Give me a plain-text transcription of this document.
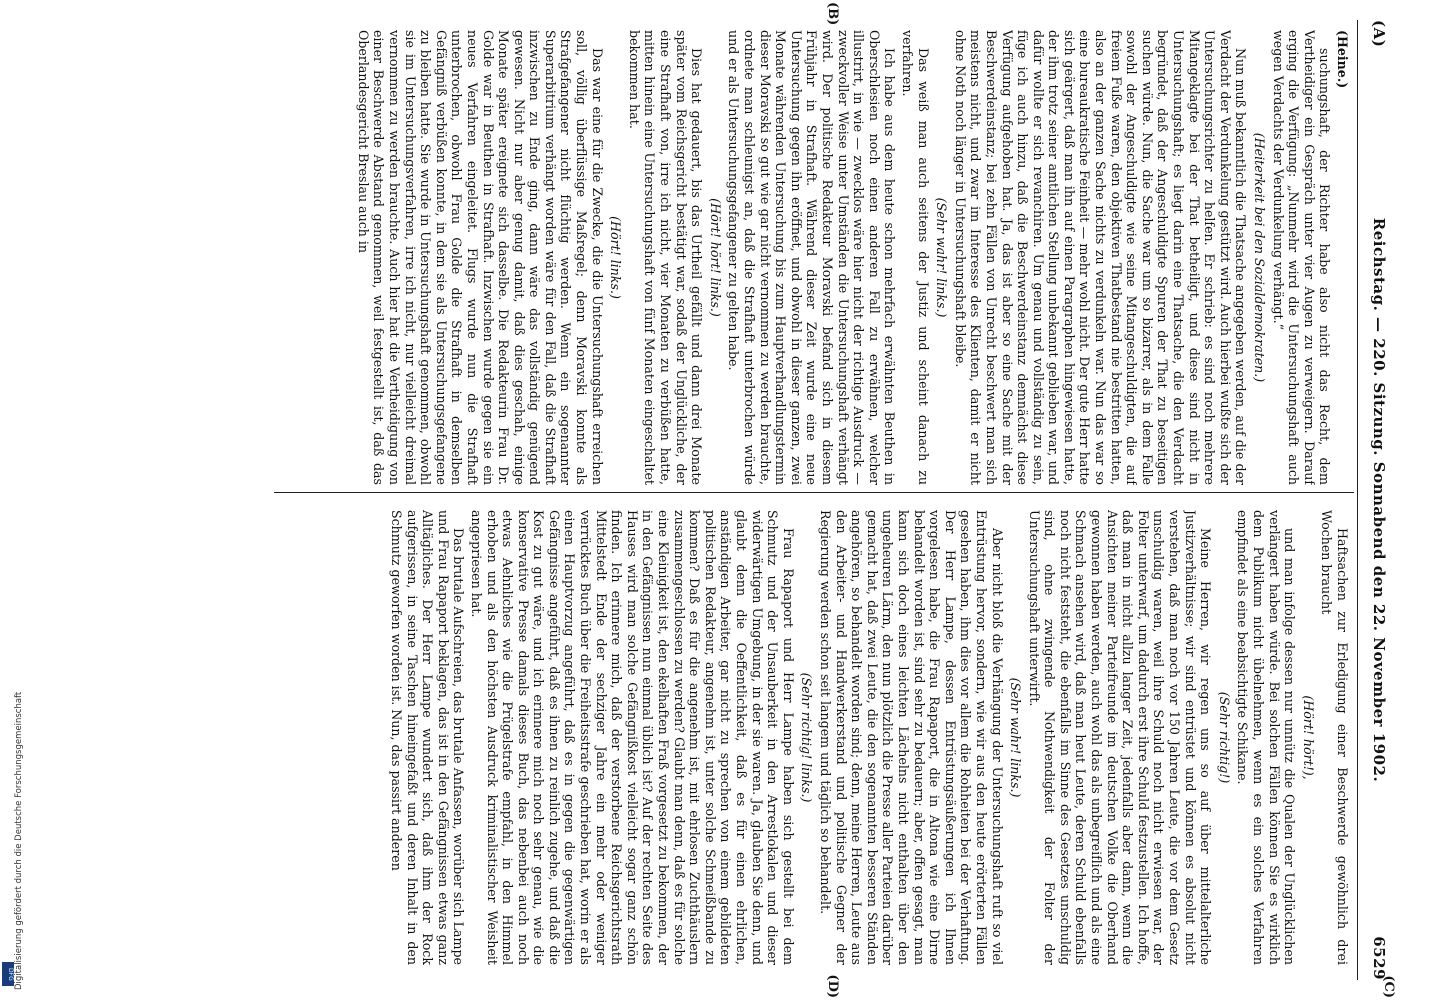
(A)
Reichstag. — 220. Sitzung. Sonnabend den 22. November 1902.
6529

(Heine.)

suchungshaft, der Richter habe also nicht das Recht, dem Vertheidiger ein Gespräch unter vier Augen zu verweigern. Darauf erging die Verfügung: „Nunmehr wird die Untersuchungshaft auch wegen Verdachts der Verdunkelung verhängt.“

(Heiterkeit bei den Sozialdemokraten.)

Nun muß bekanntlich die Thatsache angegeben werden, auf die der Verdacht der Verdunkelung gestützt wird. Auch hierbei wußte sich der Untersuchungsrichter zu helfen. Er schrieb: es sind noch mehrere Mitangeklagte bei der That betheiligt, und diese sind nicht in Untersuchungshaft; es liegt darin eine Thatsache, die den Verdacht begründet, daß der Angeschuldigte Spuren der That zu beseitigen suchen würde. Nun, die Sache war um so bizarrer, als in dem Falle sowohl der Angeschuldigte wie seine Mitangeschuldigten, die auf freiem Fuße waren, den objektiven Thatbestand nie bestritten hatten, also an der ganzen Sache nichts zu verdunkeln war. Nun das war so eine bureaukratische Feinheit — mehr wohl nicht. Der gute Herr hatte sich geärgert, daß man ihn auf einen Paragraphen hingewiesen hatte, der ihm trotz seiner amtlichen Stellung unbekannt geblieben war, und dafür wollte er sich revanchiren. Um genau und vollständig zu sein, füge ich auch hinzu, daß die Beschwerdeinstanz demnächst diese Verfügung aufgehoben hat. Ja, das ist aber so eine Sache mit der Beschwerdeinstanz; bei zehn Fällen von Unrecht beschwert man sich meistens nicht, und zwar im Interesse des Klienten, damit er nicht ohne Noth noch länger in Untersuchungshaft bleibe.

(Sehr wahr! links.)

Das weiß man auch seitens der Justiz und scheint danach zu verfahren.

Ich habe aus dem heute schon mehrfach erwähnten Beuthen in Oberschlesien noch einen anderen Fall zu erwähnen, welcher illustrirt, in wie — zwecklos wäre hier nicht der richtige Ausdruck — zweckvoller Weise unter Umständen die Untersuchungshaft verhängt wird. Der politische Redakteur Moravski befand sich in diesem Frühjahr in Strafhaft. Während dieser Zeit wurde eine neue Untersuchung gegen ihn eröffnet, und obwohl in dieser ganzen, zwei Monate währenden Untersuchung bis zum Hauptverhandlungstermin dieser Moravski so gut wie gar nicht vernommen zu werden brauchte, ordnete man schleunigst an, daß die Strafhaft unterbrochen würde und er als Untersuchungsgefangener zu gelten habe.

(Hört! hört! links.)

Dies hat gedauert, bis das Urtheil gefällt und dann drei Monate später vom Reichsgericht bestätigt war, sodaß der Unglückliche, der eine Strafhaft von, irre ich nicht, vier Monaten zu verbüßen hatte, mitten hinein eine Untersuchungshaft von fünf Monaten eingeschaltet bekommen hat.

(Hört! links.)

Das war eine für die Zwecke, die die Untersuchungshaft erreichen soll, völlig überflüssige Maßregel; denn Moravski konnte als Strafgefangener nicht flüchtig werden. Wenn ein sogenannter Superarbitrium verhängt worden wäre für den Fall, daß die Strafhaft inzwischen zu Ende ging, dann wäre das vollständig genügend gewesen. Nicht nur aber genug damit, daß dies geschah, einige Monate später ereignete sich dasselbe. Die Redakteurin Frau Dr. Golde war in Beuthen in Strafhaft. Inzwischen wurde gegen sie ein neues Verfahren eingeleitet. Flugs wurde nun die Strafhaft unterbrochen, obwohl Frau Golde die Strafhaft in demselben Gefängniß verbüßen konnte, in dem sie als Untersuchungsgefangene zu bleiben hatte. Sie wurde in Untersuchungshaft genommen, obwohl sie im Untersuchungsverfahren, irre ich nicht, nur vielleicht dreimal vernommen zu werden brauchte. Auch hier hat die Vertheidigung von einer Beschwerde Abstand genommen, weil festgestellt ist, daß das Oberlandesgericht Breslau auch in

Haftsachen zur Erledigung einer Beschwerde gewöhnlich drei Wochen braucht

(Hört! hört!),

und man infolge dessen nur unnütz die Qualen der Unglücklichen verlängert haben würde. Bei solchen Fällen können Sie es wirklich dem Publikum nicht übelnehmen, wenn es ein solches Verfahren empfindet als eine beabsichtigte Schikane.

(Sehr richtig!)

Meine Herren, wir regen uns so auf über mittelalterliche Justizverhältnisse; wir sind entrüstet und können es absolut nicht verstehen, daß man noch vor 150 Jahren Leute, die vor dem Gesetz unschuldig waren, weil ihre Schuld noch nicht erwiesen war, der Folter unterwarf, um dadurch erst ihre Schuld festzustellen. Ich hoffe, daß man in nicht allzu langer Zeit, jedenfalls aber dann, wenn die Ansichten meiner Parteifreunde im deutschen Volke die Oberhand gewonnen haben werden, auch wohl das als unbegreiflich und als eine Schmach ansehen wird, daß man heut Leute, deren Schuld ebenfalls noch nicht feststeht, die ebenfalls im Sinne des Gesetzes unschuldig sind, ohne zwingende Nothwendigkeit der Folter der Untersuchungshaft unterwirft.

(Sehr wahr! links.)

Aber nicht bloß die Verhängung der Untersuchungshaft ruft so viel Entrüstung hervor, sondern, wie wir aus den heute erörterten Fällen gesehen haben, ihm dies vor allem die Rohheiten bei der Verhaftung. Der Herr Lampe, dessen Entrüstungsäußerungen ich Ihnen vorgelesen habe, die Frau Rapaport, die in Altona wie eine Dirne behandelt worden ist, sind sehr zu bedauern; aber, offen gesagt, man kann sich doch eines leichten Lächelns nicht enthalten über den ungeheuren Lärm, den nun plötzlich die Presse aller Parteien darüber gemacht hat, daß zwei Leute, die den sogenannten besseren Ständen angehören, so behandelt worden sind; denn, meine Herren, Leute aus den Arbeiter- und Handwerkerstand und politische Gegner der Regierung werden schon seit langem und täglich so behandelt.

(Sehr richtig! links.)

Frau Rapaport und Herr Lampe haben sich gestellt bei dem Schmutz und der Unsauberkeit in den Arrestlokalen und dieser widerwärtigen Umgebung, in der sie waren. Ja, glauben Sie denn, und glaubt denn die Oeffentlichkeit, daß es für einen ehrlichen, anständigen Arbeiter, gar nicht zu sprechen von einem gebildeten politischen Redakteur, angenehm ist, unter solche Schmeißbande zu kommen? Daß es für die angenehm ist, mit ehrlosen Zuchthäuslern zusammengeschlossen zu werden? Glaubt man denn, daß es für solche eine Kleinigkeit ist, den ekelhaften Fraß vorgesetzt zu bekommen, der in den Gefängnissen nun einmal üblich ist? Auf der rechten Seite des Hauses wird man solche Gefängnißkost vielleicht sogar ganz schön finden. Ich erinnere mich, daß der verstorbene Reichsgerichtsrath Mittelstedt Ende der sechziger Jahre ein mehr oder weniger verrücktes Buch über die Freiheitsstrafe geschrieben hat, worin er als einen Hauptvorzug angeführt, daß es in gegen die gegenwärtigen Gefängnisse angeführt, daß es ihnen zu reinlich zugehe, und daß die Kost zu gut wäre, und ich erinnere mich noch sehr genau, wie die konservative Presse damals dieses Buch, das nebenbei auch noch etwas Aehnliches wie die Prügelstrafe empfahl, in den Himmel erhoben und als den höchsten Ausdruck kriminalistischer Weisheit angepriesen hat.

Das brutale Aufschreien, das brutale Anfassen, worüber sich Lampe und Frau Rapaport beklagen, das ist in den Gefängnissen etwas ganz Alltägliches. Der Herr Lampe wundert sich, daß ihm der Rock aufgerissen, in seine Taschen hineingefaßt und deren Inhalt in den Schmutz geworfen worden ist. Nun, das passirt anderen

(B)
(C)
(D)
DFG Digitalisierung gefördert durch die Deutsche Forschungsgemeinschaft
